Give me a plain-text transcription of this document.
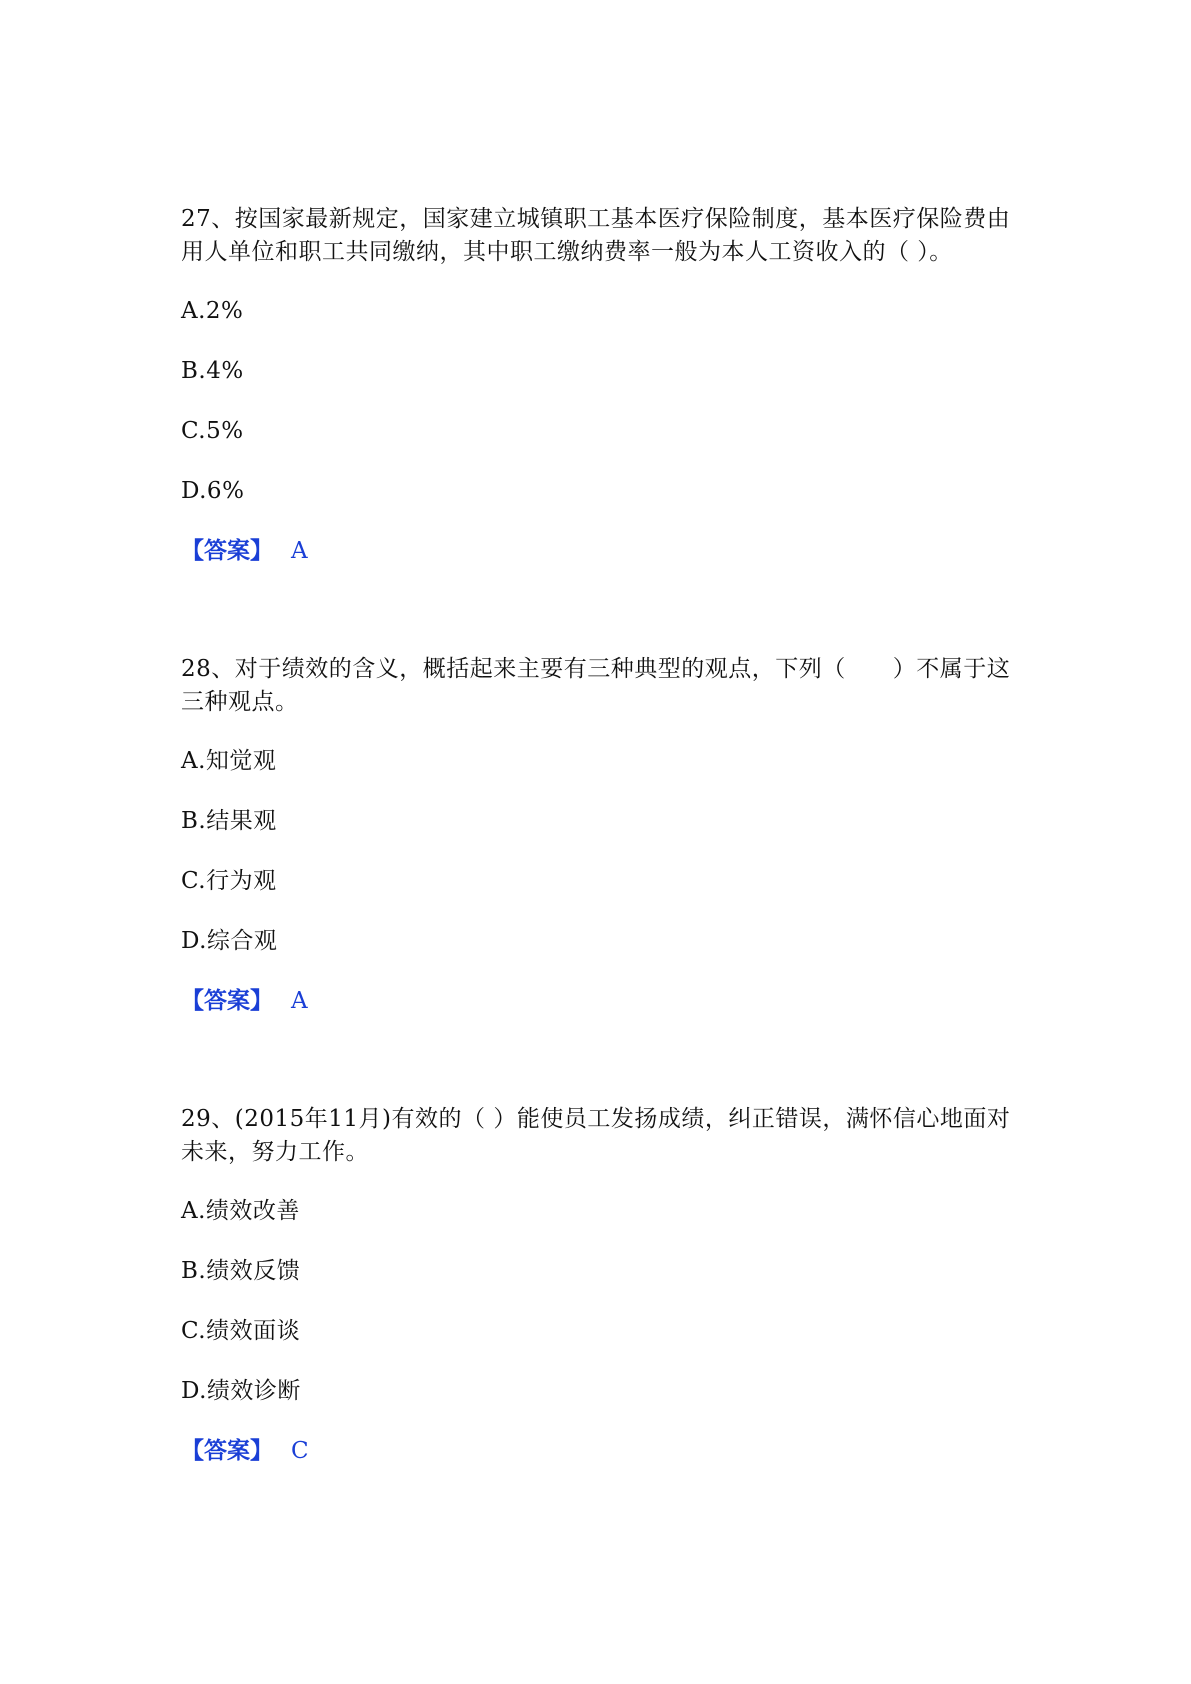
27、按国家最新规定，国家建立城镇职工基本医疗保险制度，基本医疗保险费由用人单位和职工共同缴纳，其中职工缴纳费率一般为本人工资收入的（ ）。

A.2%

B.4%

C.5%

D.6%

【答案】 A

28、对于绩效的含义，概括起来主要有三种典型的观点，下列（　　）不属于这三种观点。

A.知觉观

B.结果观

C.行为观

D.综合观

【答案】 A

29、(2015年11月)有效的（ ）能使员工发扬成绩，纠正错误，满怀信心地面对未来，努力工作。

A.绩效改善

B.绩效反馈

C.绩效面谈

D.绩效诊断

【答案】 C
